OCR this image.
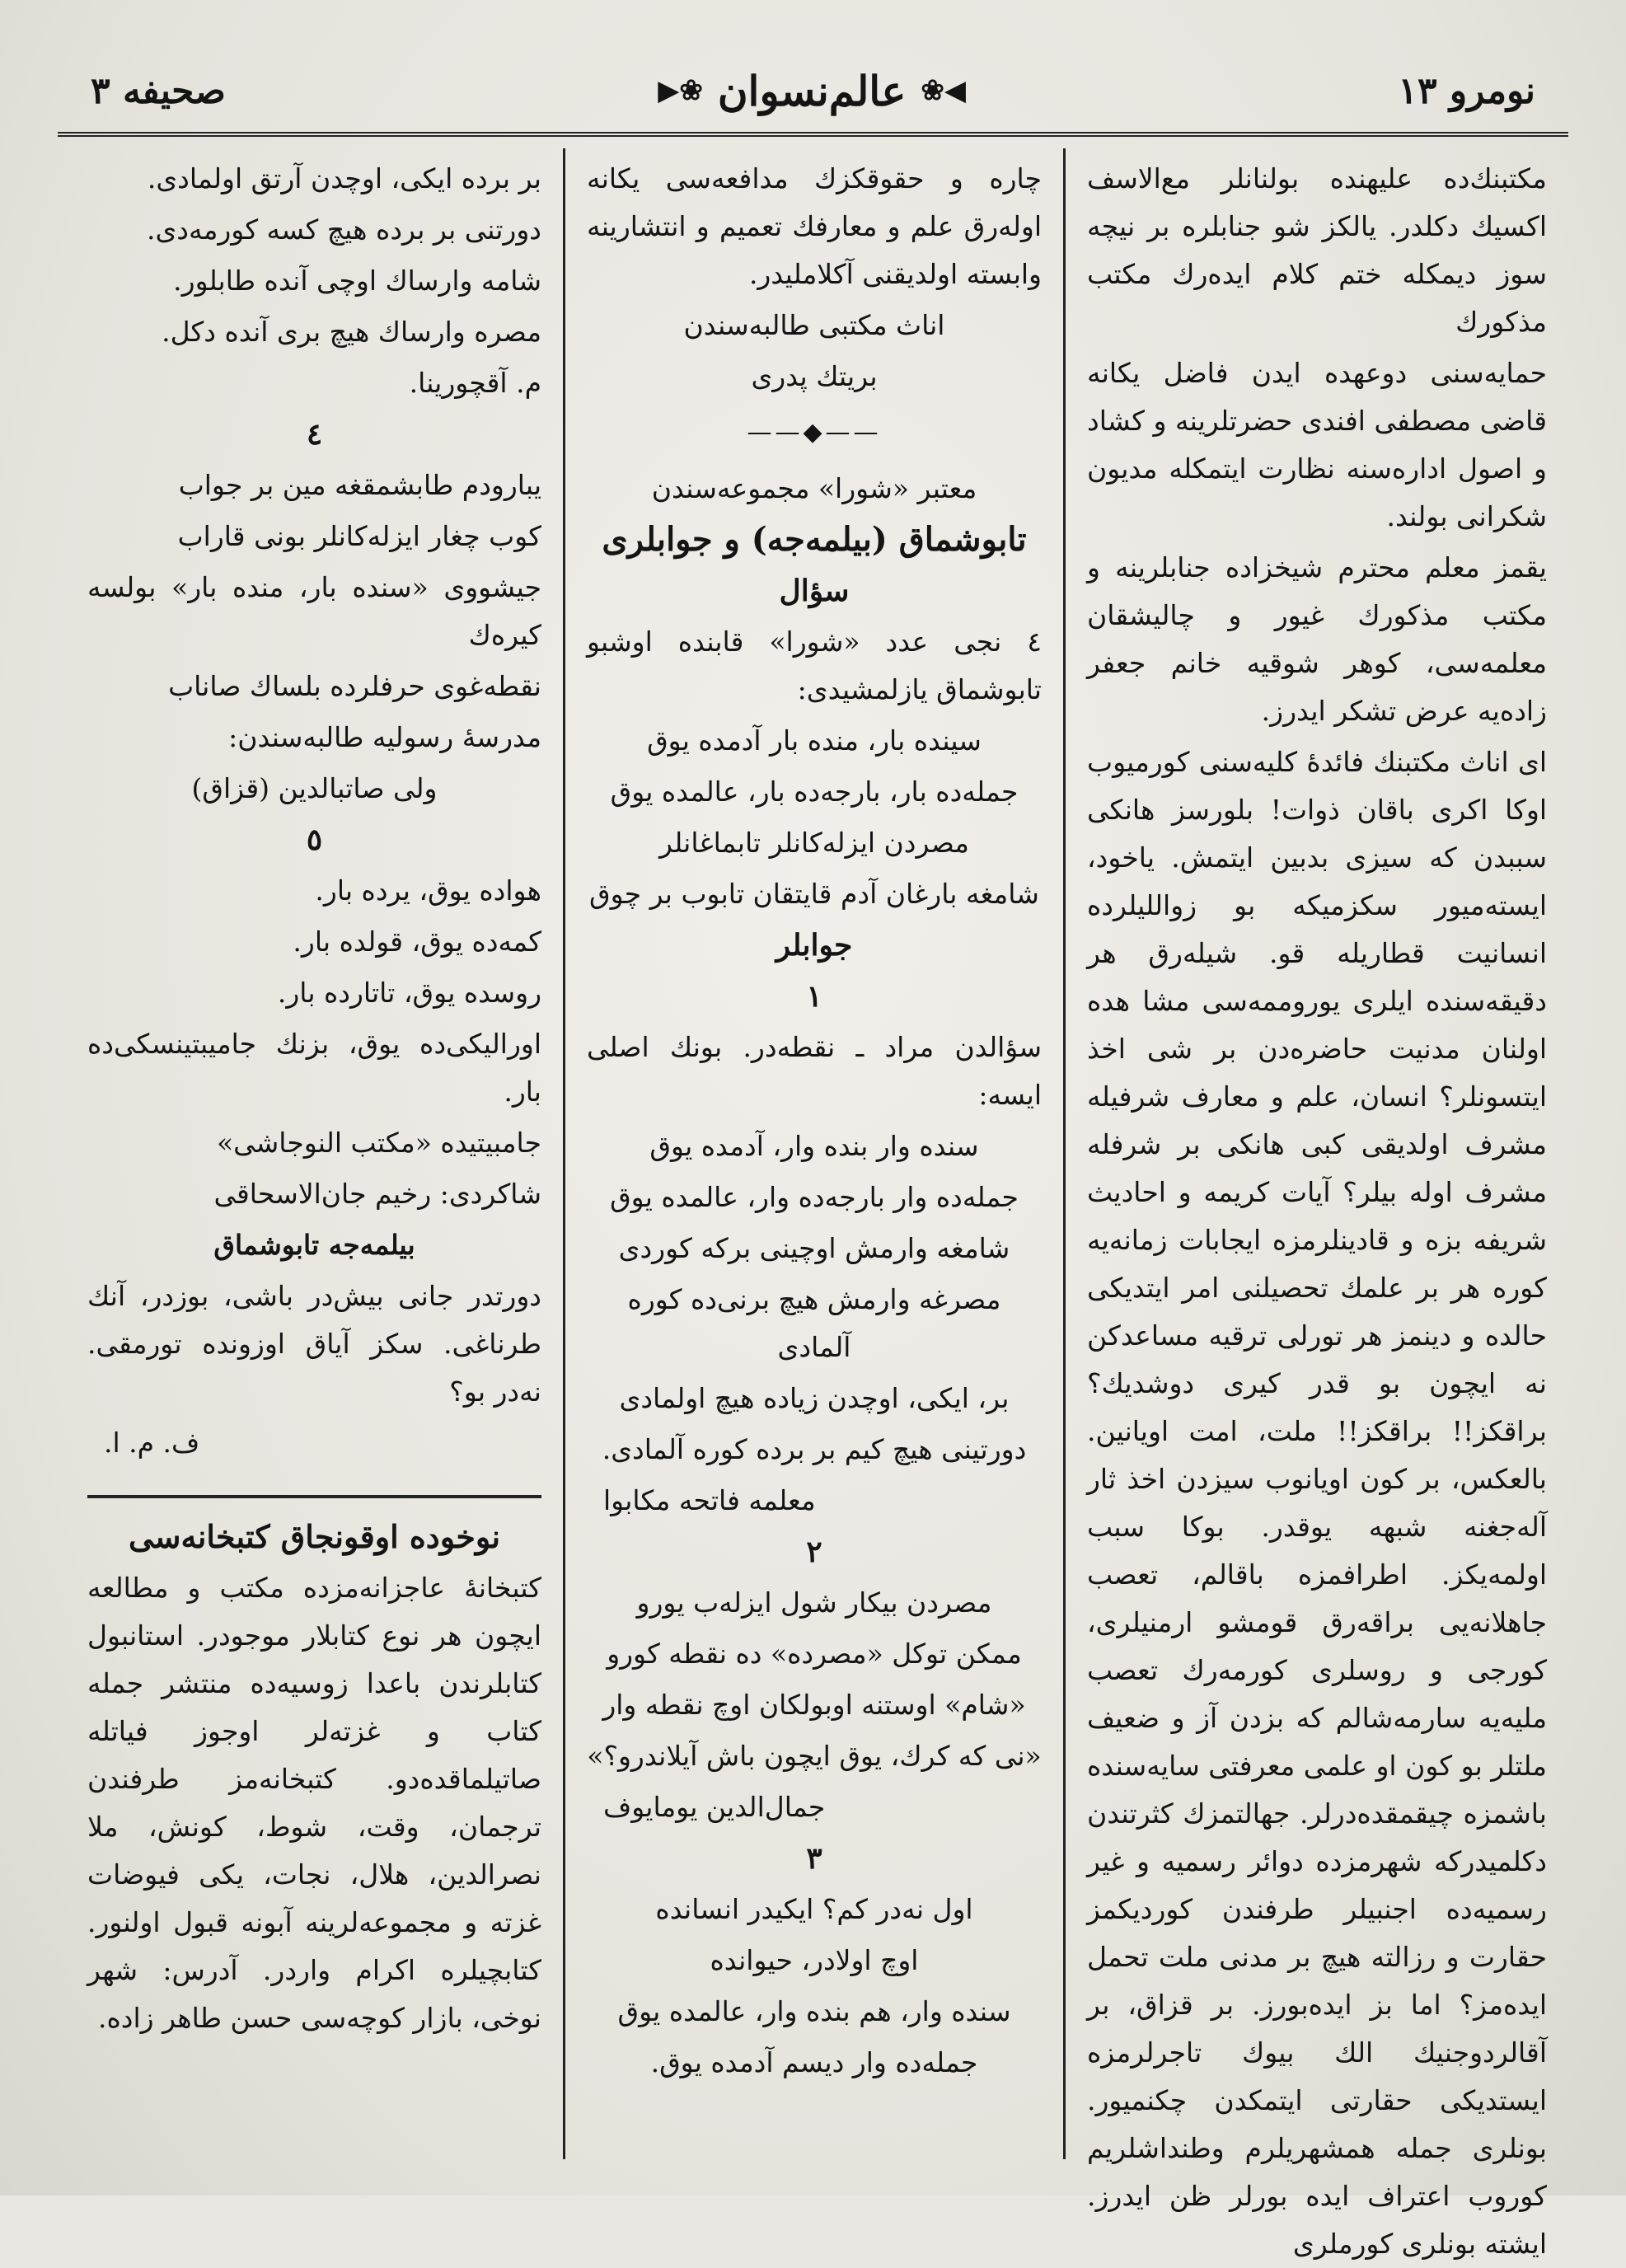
صحيفه ٣	◀❀
عالم‌نسوان
❀▶	نومرو ١٣

مکتبنك‌ده عليهنده بولنانلر مع‌الاسف اكسيك دكلدر. يالكز شو جنابلره بر نيچه سوز ديمكله ختم كلام ايده‌رك مكتب مذكورك

حمايه‌سنی دوعهده ايدن فاضل يكانه قاضی مصطفی افندی حضرتلرينه و كشاد و اصول اداره‌سنه نظارت ايتمكله مديون شكرانی بولند.

يقمز معلم محترم شيخزاده جنابلرينه و مكتب مذكورك غيور و چاليشقان معلمه‌سی، كوهر شوقيه خانم جعفر زاده‌يه عرض تشكر ايدرز.

ای اناث مكتبنك فائدۀ كليه‌سنی كورميوب اوكا اكری باقان ذوات! بلورسز هانكی سببدن كه سيزی بدبين ايتمش. ياخود، ايسته‌ميور سكزميكه بو زوالليلرده انسانيت قطاريله قو. شيله‌رق هر دقيقه‌سنده ايلری يوروممه‌سی مشا هده اولنان مدنيت حاضره‌دن بر شی اخذ ايتسونلر؟ انسان، علم و معارف شرفيله مشرف اولديقی كبی هانكی بر شرفله مشرف اوله بيلر؟ آيات كريمه و احاديث شريفه بزه و قادينلرمزه ايجابات زمانه‌يه كوره هر بر علمك تحصيلنی امر ايتديكی حالده و دينمز هر تورلی ترقيه مساعدكن نه ايچون بو قدر كيری دوشديك؟ براقكز!! براقكز!! ملت، امت اويانين. بالعكس، بر كون اويانوب سيزدن اخذ ثار آله‌جغنه شبهه يوقدر. بوكا سبب اولمه‌يكز. اطرافمزه باقالم، تعصب جاهلانه‌يی براقه‌رق قومشو ارمنيلری، كورجی و روسلری كورمه‌رك تعصب مليه‌يه سارمه‌شالم كه بزدن آز و ضعيف ملتلر بو كون او علمی معرفتی سايه‌سنده باشمزه چيقمقده‌درلر. جهالتمزك كثرتندن دكلميدركه شهرمزده دوائر رسميه و غير رسميه‌ده اجنبيلر طرفندن كورديكمز حقارت و رزالته هيچ بر مدنی ملت تحمل ايده‌مز؟ اما بز ايده‌بورز. بر قزاق، بر آقالردوجنيك الك بيوك تاجرلرمزه ايستديكی حقارتی ايتمكدن چكنميور. بونلری جمله همشهريلرم وطنداشلريم كوروب اعتراف ايده بورلر ظن ايدرز. ايشته بونلری كورملری

چاره و حقوقكزك مدافعه‌سی يكانه اوله‌رق علم و معارفك تعميم و انتشارينه وابسته اولديقنی آكلامليدر.

اناث مكتبی طالبه‌سندن

بريتك پدری

——◆——

معتبر «شورا» مجموعه‌سندن

تابوشماق (بيلمه‌جه) و جوابلری

سؤال

٤ نجی عدد «شورا» قابنده اوشبو تابوشماق يازلمشيدی:

سينده بار، منده بار آدمده يوق

جمله‌ده بار، بارجه‌ده بار، عالمده يوق

مصردن ايزله‌كانلر تابماغانلر

شامغه بارغان آدم قايتقان تابوب بر چوق

جوابلر

١

سؤالدن مراد ـ نقطه‌در. بونك اصلی ايسه:

سنده وار بنده وار، آدمده يوق

جمله‌ده وار بارجه‌ده وار، عالمده يوق

شامغه وارمش اوچينی بركه كوردی

مصرغه وارمش هيچ برنی‌ده كوره آلمادی

بر، ايكی، اوچدن زياده هيچ اولمادی

دورتينی هيچ كيم بر برده كوره آلمادی.

معلمه فاتحه مكابوا

٢

مصردن بيكار شول ايزله‌ب يورو

ممكن توكل «مصرده» ده نقطه كورو

«شام» اوستنه اوبولكان اوچ نقطه وار

«نی كه كرك، يوق ايچون باش آيلاندرو؟»

جمال‌الدين يومايوف

٣

اول نه‌در كم؟ ايكيدر انسانده

اوچ اولادر، حيوانده

سنده وار، هم بنده وار، عالمده يوق

جمله‌ده وار ديسم آدمده يوق.

بر برده ايكی، اوچدن آرتق اولمادی.

دورتنی بر برده هيچ كسه كورمه‌دی.

شامه وارساك اوچی آنده طابلور.

مصره وارساك هيچ بری آنده دكل.

م. آقچورينا.

٤

يبارودم طابشمقغه مين بر جواب

كوب چغار ايزله‌كانلر بونی قاراب

جيشووی «سنده بار، منده بار» بولسه كيره‌ك

نقطه‌غوی حرفلرده بلساك صاناب

مدرسۀ رسوليه طالبه‌سندن:

ولی صاتبالدين (قزاق)

٥

هواده يوق، يرده بار.

كمه‌ده يوق، قولده بار.

روسده يوق، تاتارده بار.

اوراليكی‌ده يوق، بزنك جاميبتينسكی‌ده بار.

جامبيتيده «مكتب النوجاشی»

شاكردی: رخيم جان‌الاسحاقی

بيلمه‌جه تابوشماق

دورتدر جانی بيش‌در باشی، بوزدر، آنك طرناغی. سكز آياق اوزونده تورمقی. نه‌در بو؟

ف. م. ا.

نوخوده اوقونجاق كتبخانه‌سی

كتبخانۀ عاجزانه‌مزده مكتب و مطالعه ايچون هر نوع كتابلار موجودر. استانبول كتابلرندن باعدا زوسيه‌ده منتشر جمله كتاب و غزته‌لر اوجوز فياتله صاتيلماقده‌دو. كتبخانه‌مز طرفندن ترجمان، وقت، شوط، كونش، ملا نصرالدين، هلال، نجات، يكی فيوضات غزته و مجموعه‌لرينه آبونه قبول اولنور. كتابچيلره اكرام واردر. آدرس: شهر نوخی، بازار كوچه‌سی حسن طاهر زاده.
